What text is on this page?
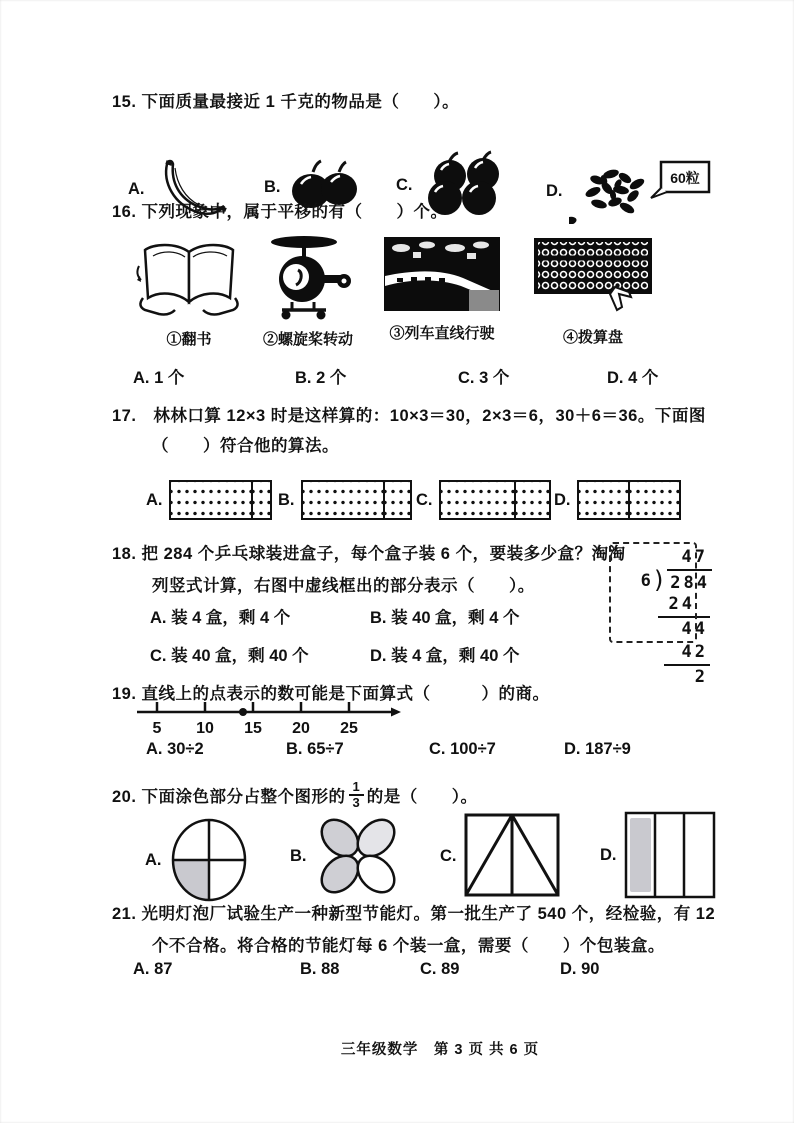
15. 下面质量最接近 1 千克的物品是（　　）。
A.	B.	C.	D.
60粒
16. 下列现象中，属于平移的有（　　）个。
①翻书	②螺旋桨转动 ③列车直线行驶	④拨算盘
A. 1 个	B. 2 个	C. 3 个	D. 4 个
17.　林林口算 12×3 时是这样算的：10×3＝30，2×3＝6，30＋6＝36。下面图
（　　）符合他的算法。
A.	B.	C.	D.
18. 把 284 个乒乓球装进盒子，每个盒子装 6 个，要装多少盒？淘淘
列竖式计算，右图中虚线框出的部分表示（　　）。
A. 装 4 盒，剩 4 个	B. 装 40 盒，剩 4 个
C. 装 40 盒，剩 40 个	D. 装 4 盒，剩 40 个
47
6 ) 284
24
44
42
2
19. 直线上的点表示的数可能是下面算式（　　　）的商。
5 10 15 20 25
A. 30÷2	B. 65÷7	C. 100÷7	D. 187÷9
20. 下面涂色部分占整个图形的 $\frac{1}{3}$ 的是（　　）。
A.	B.	C.	D.
21. 光明灯泡厂试验生产一种新型节能灯。第一批生产了 540 个，经检验，有 12
个不合格。将合格的节能灯每 6 个装一盒，需要（　　）个包装盒。
A. 87	B. 88	C. 89	D. 90
三年级数学　第 3 页 共 6 页
